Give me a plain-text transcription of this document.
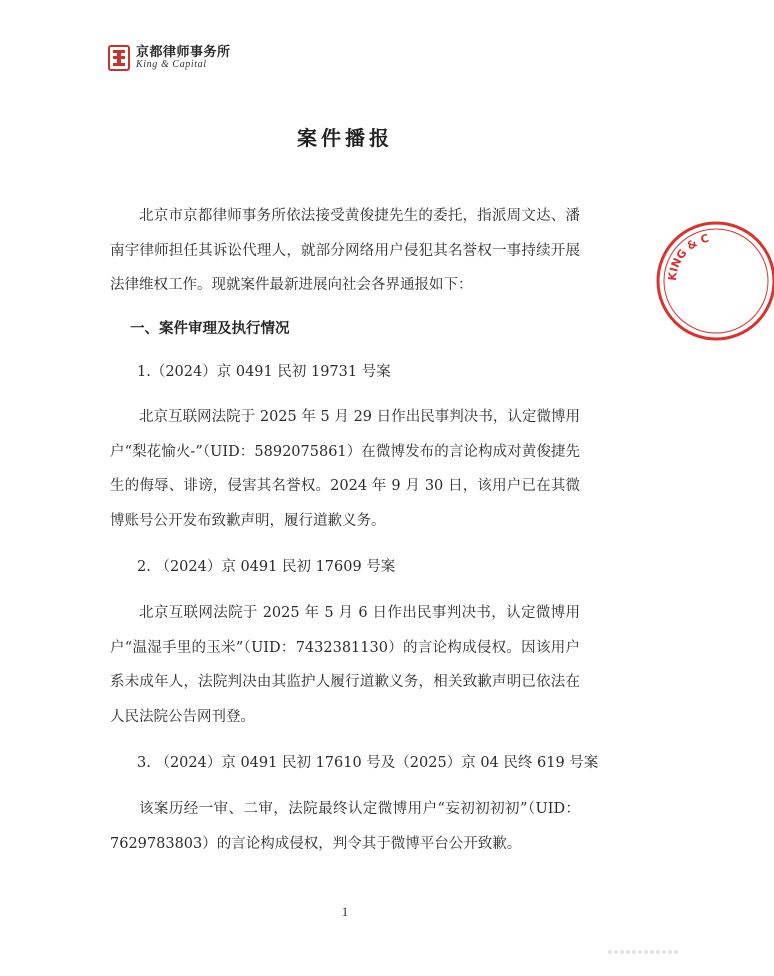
京都律师事务所
King & Capital
KING & C
案件播报
北京市京都律师事务所依法接受黄俊捷先生的委托，指派周文达、潘南宇律师担任其诉讼代理人，就部分网络用户侵犯其名誉权一事持续开展法律维权工作。现就案件最新进展向社会各界通报如下：
一、案件审理及执行情况
1.（2024）京 0491 民初 19731 号案
北京互联网法院于 2025 年 5 月 29 日作出民事判决书，认定微博用户“梨花愉火-”（UID：5892075861）在微博发布的言论构成对黄俊捷先生的侮辱、诽谤，侵害其名誉权。2024 年 9 月 30 日，该用户已在其微博账号公开发布致歉声明，履行道歉义务。
2. （2024）京 0491 民初 17609 号案
北京互联网法院于 2025 年 5 月 6 日作出民事判决书，认定微博用户“温湿手里的玉米”（UID：7432381130）的言论构成侵权。因该用户系未成年人，法院判决由其监护人履行道歉义务，相关致歉声明已依法在人民法院公告网刊登。
3. （2024）京 0491 民初 17610 号及（2025）京 04 民终 619 号案
该案历经一审、二审，法院最终认定微博用户“妄初初初初”（UID：7629783803）的言论构成侵权，判令其于微博平台公开致歉。
1
